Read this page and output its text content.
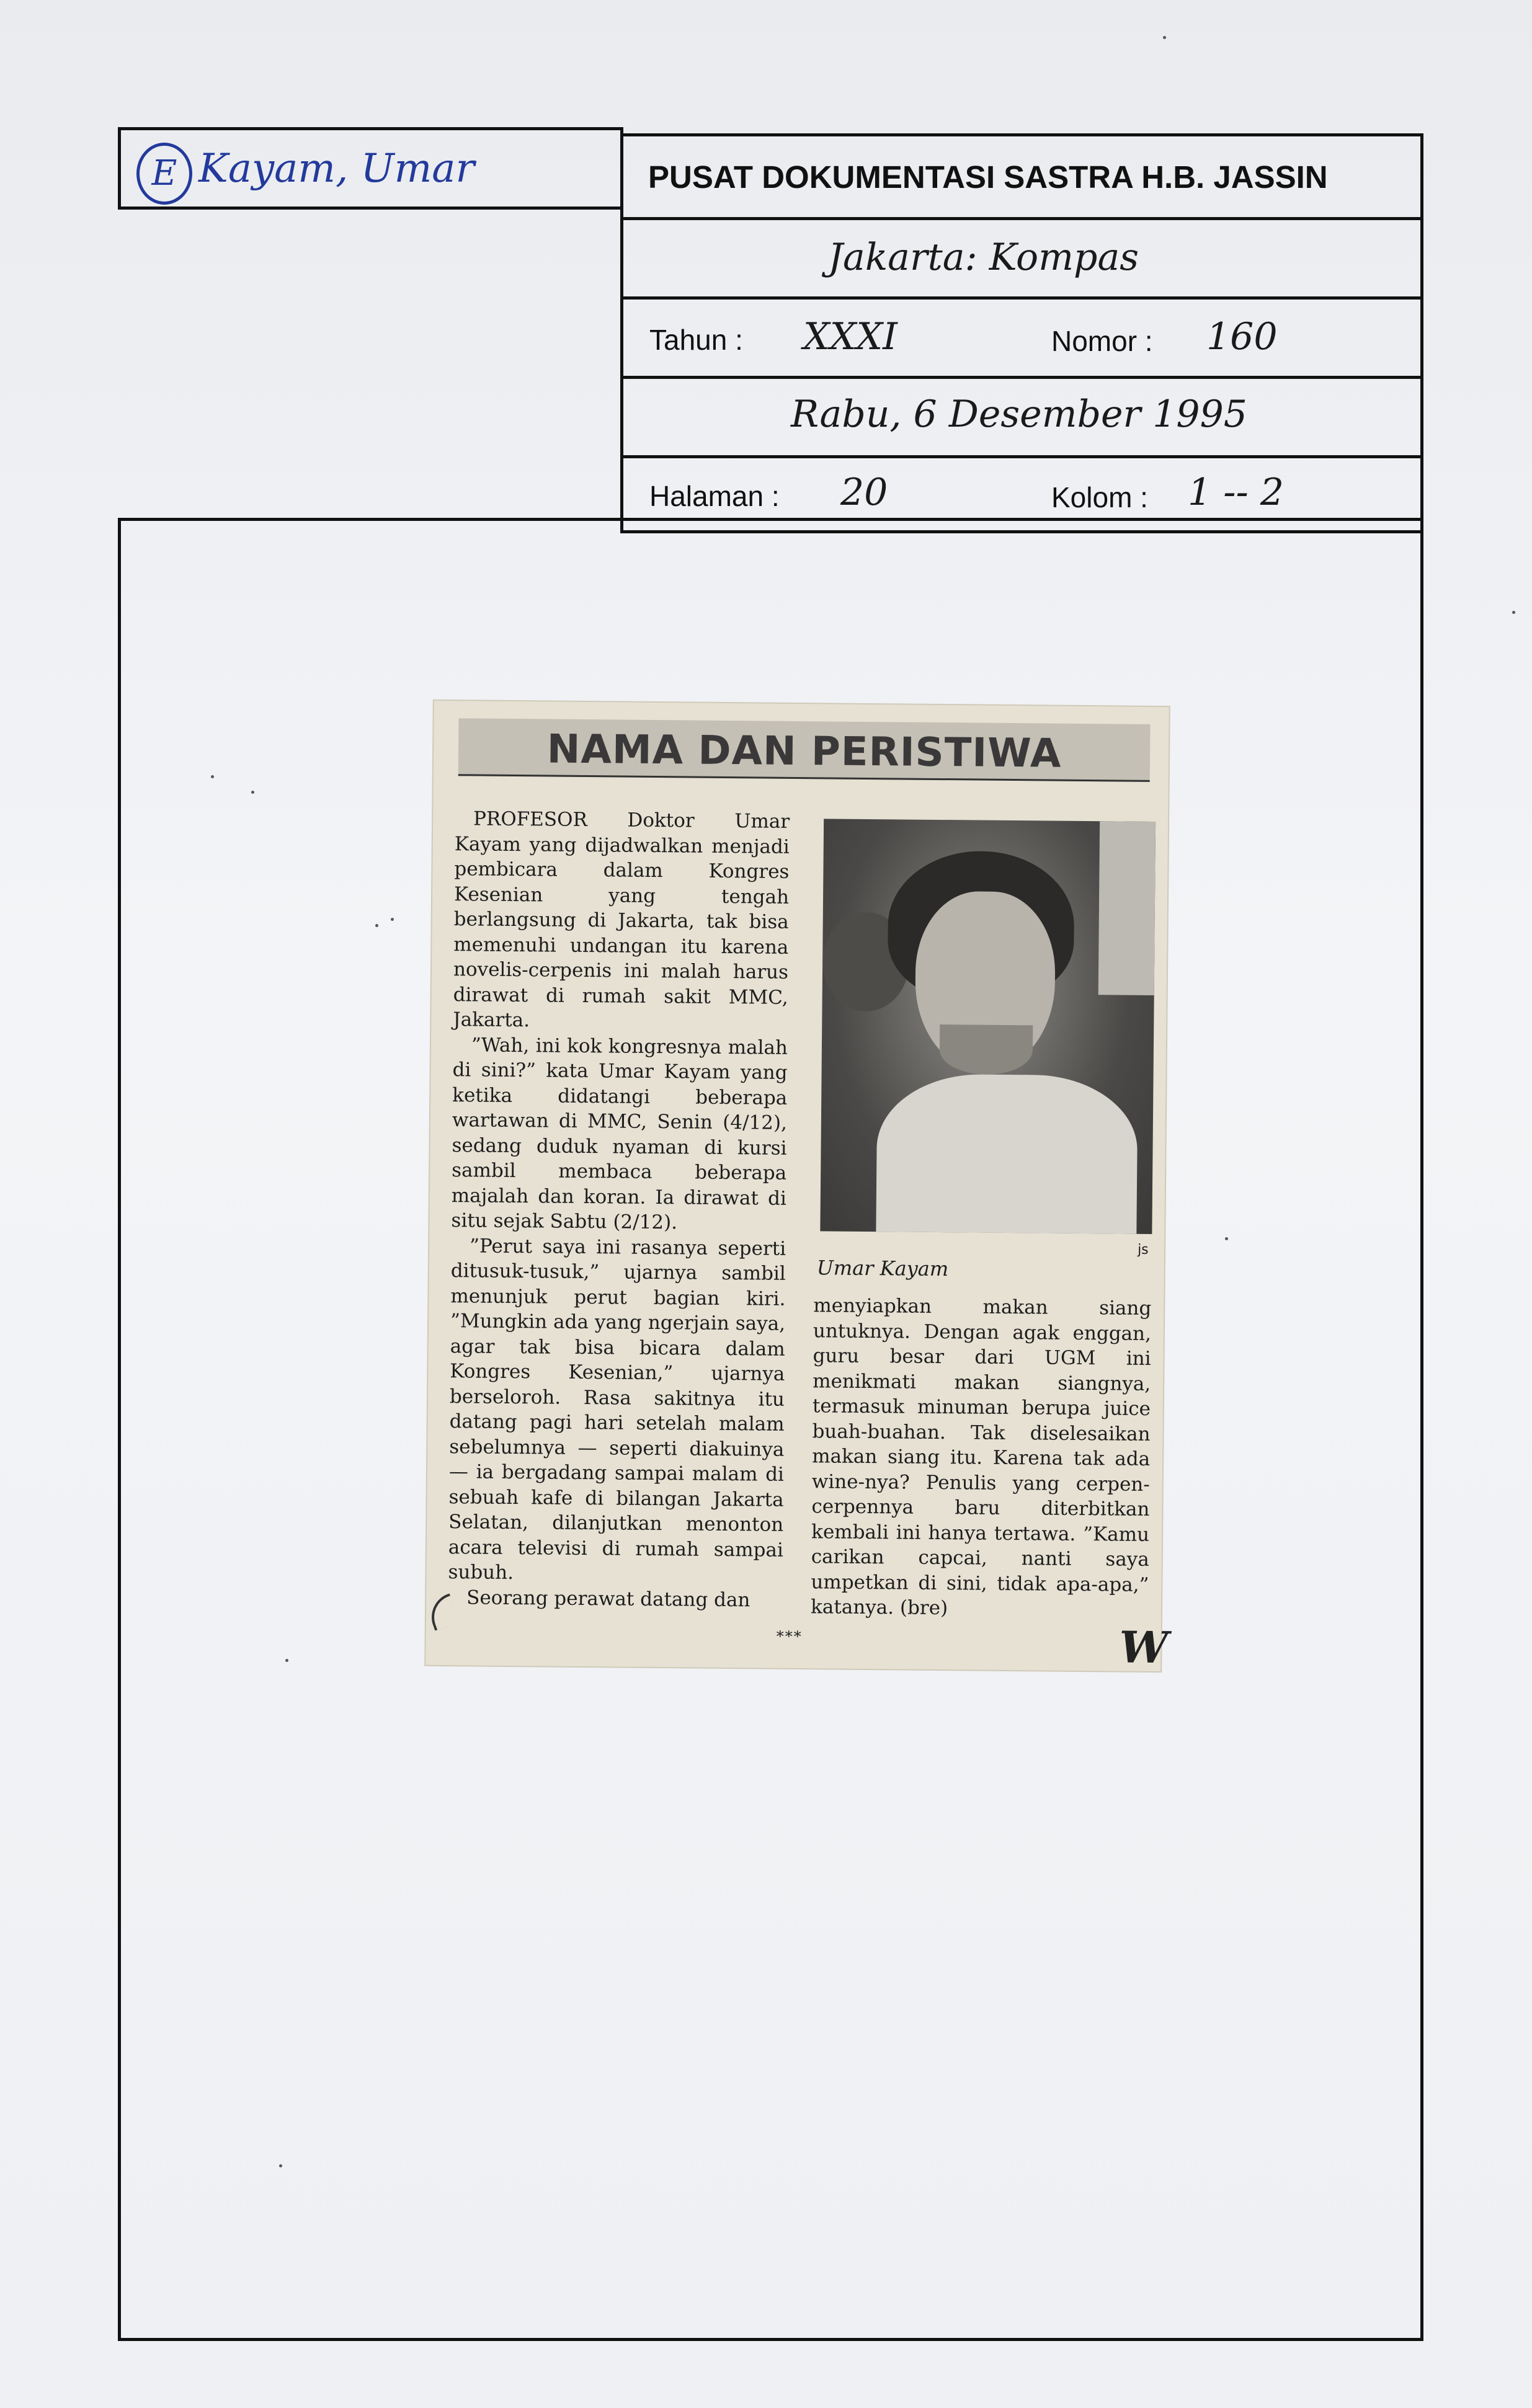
E Kayam, Umar	PUSAT DOKUMENTASI SASTRA H.B. JASSIN
Jakarta: Kompas
Tahun : XXXI	Nomor : 160
Rabu, 6 Desember 1995
Halaman : 20	Kolom : 1 -- 2
NAMA DAN PERISTIWA

PROFESOR Doktor Umar Kayam yang dijadwalkan menjadi pembicara dalam Kongres Kesenian yang tengah berlangsung di Jakarta, tak bisa memenuhi undangan itu karena novelis-cerpenis ini malah harus dirawat di rumah sakit MMC, Jakarta.

”Wah, ini kok kongresnya malah di sini?” kata Umar Kayam yang ketika didatangi beberapa wartawan di MMC, Senin (4/12), sedang duduk nyaman di kursi sambil membaca beberapa majalah dan koran. Ia dirawat di situ sejak Sabtu (2/12).

”Perut saya ini rasanya seperti ditusuk-tusuk,” ujarnya sambil menunjuk perut bagian kiri. ”Mungkin ada yang ngerjain saya, agar tak bisa bicara dalam Kongres Kesenian,” ujarnya berseloroh. Rasa sakitnya itu datang pagi hari setelah malam sebelumnya — seperti diakuinya — ia bergadang sampai malam di sebuah kafe di bilangan Jakarta Selatan, dilanjutkan menonton acara televisi di rumah sampai subuh.

Seorang perawat datang dan

js
Umar Kayam

menyiapkan makan siang untuknya. Dengan agak enggan, guru besar dari UGM ini menikmati makan siangnya, termasuk minuman berupa juice buah-buahan. Tak diselesaikan makan siang itu. Karena tak ada wine-nya? Penulis yang cerpen-cerpennya baru diterbitkan kembali ini hanya tertawa. ”Kamu carikan capcai, nanti saya umpetkan di sini, tidak apa-apa,” katanya. (bre)

***	W
